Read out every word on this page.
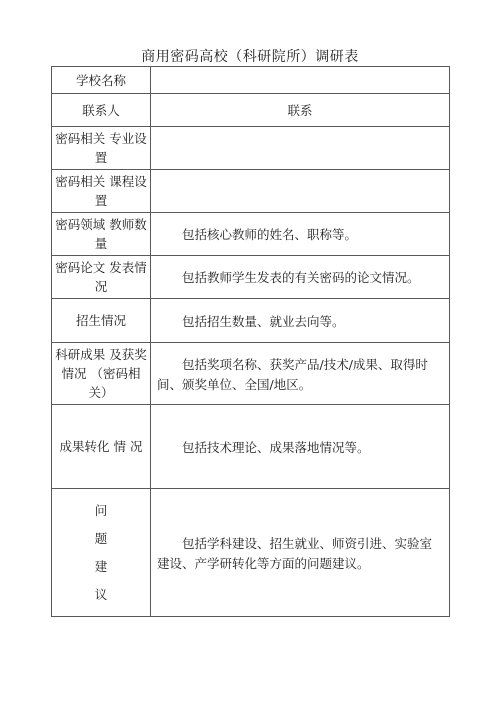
商用密码高校（科研院所）调研表
学校名称	

联系人	联系

密码相关 专业设置	

密码相关 课程设置	

密码领域 教师数量	包括核心教师的姓名、职称等。

密码论文 发表情况	包括教师学生发表的有关密码的论文情况。

招生情况	包括招生数量、就业去向等。

科研成果 及获奖情况 （密码相关）	包括奖项名称、获奖产品/技术/成果、取得时间、颁奖单位、全国/地区。

成果转化 情 况	包括技术理论、成果落地情况等。

问
题
建
议	包括学科建设、招生就业、师资引进、实验室建设、产学研转化等方面的问题建议。
